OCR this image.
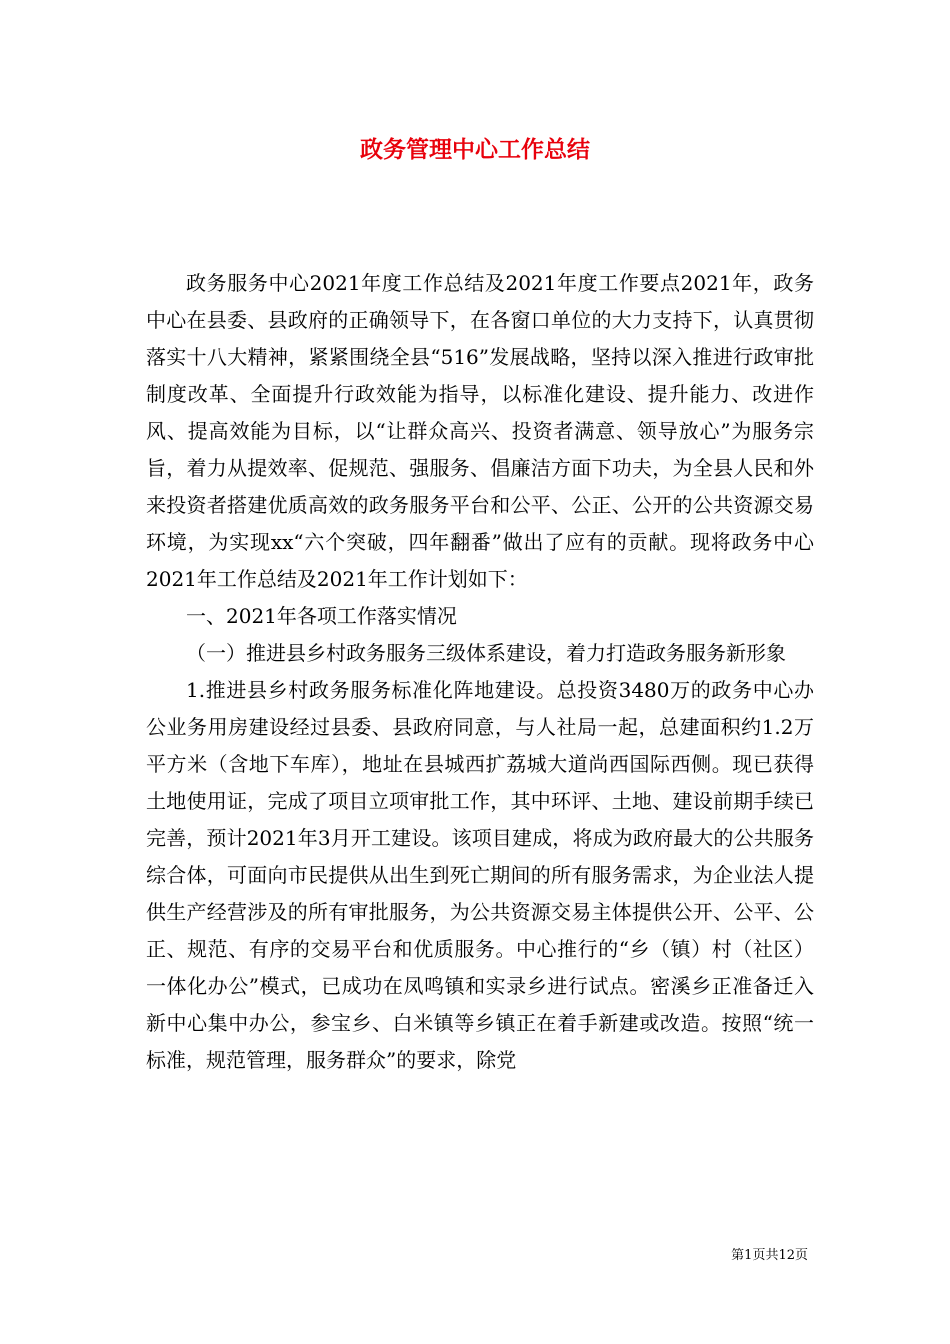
政务管理中心工作总结

政务服务中心2021年度工作总结及2021年度工作要点2021年，政务中心在县委、县政府的正确领导下，在各窗口单位的大力支持下，认真贯彻落实十八大精神，紧紧围绕全县“516”发展战略，坚持以深入推进行政审批制度改革、全面提升行政效能为指导，以标准化建设、提升能力、改进作风、提高效能为目标，以“让群众高兴、投资者满意、领导放心”为服务宗旨，着力从提效率、促规范、强服务、倡廉洁方面下功夫，为全县人民和外来投资者搭建优质高效的政务服务平台和公平、公正、公开的公共资源交易环境，为实现xx“六个突破，四年翻番”做出了应有的贡献。现将政务中心2021年工作总结及2021年工作计划如下：

一、2021年各项工作落实情况

（一）推进县乡村政务服务三级体系建设，着力打造政务服务新形象

1.推进县乡村政务服务标准化阵地建设。总投资3480万的政务中心办公业务用房建设经过县委、县政府同意，与人社局一起，总建面积约1.2万平方米（含地下车库），地址在县城西扩荔城大道尚西国际西侧。现已获得土地使用证，完成了项目立项审批工作，其中环评、土地、建设前期手续已完善，预计2021年3月开工建设。该项目建成，将成为政府最大的公共服务综合体，可面向市民提供从出生到死亡期间的所有服务需求，为企业法人提供生产经营涉及的所有审批服务，为公共资源交易主体提供公开、公平、公正、规范、有序的交易平台和优质服务。中心推行的“乡（镇）村（社区）一体化办公”模式，已成功在凤鸣镇和实录乡进行试点。密溪乡正准备迁入新中心集中办公，参宝乡、白米镇等乡镇正在着手新建或改造。按照“统一标准，规范管理，服务群众”的要求，除党

第1页共12页
